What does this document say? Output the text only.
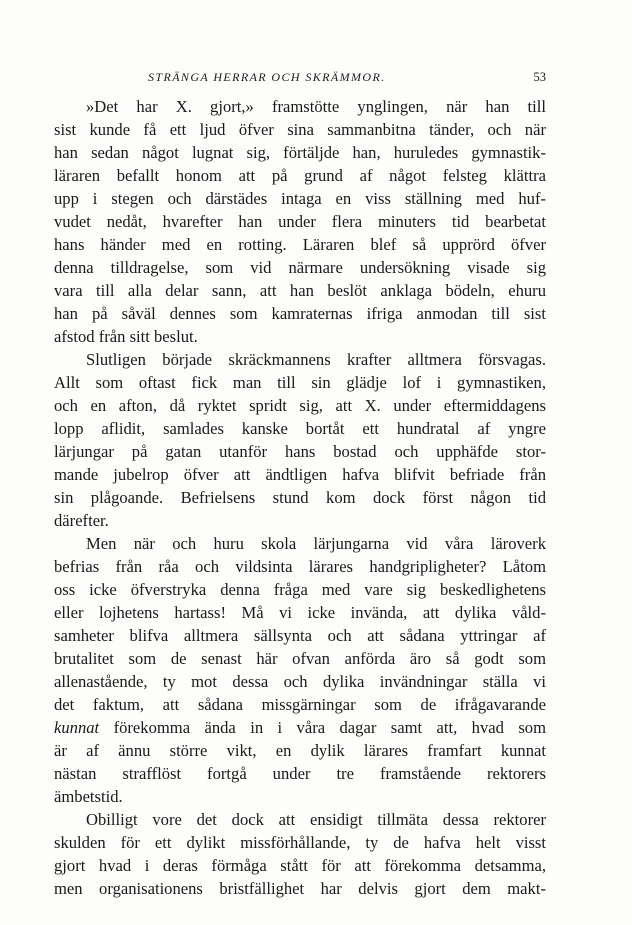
STRÄNGA HERRAR OCH SKRÄMMOR.	53
»Det har X. gjort,» framstötte ynglingen, när han till
sist kunde få ett ljud öfver sina sammanbitna tänder, och när
han sedan något lugnat sig, förtäljde han, huruledes gymnastik-
läraren befallt honom att på grund af något felsteg klättra
upp i stegen och därstädes intaga en viss ställning med huf-
vudet nedåt, hvarefter han under flera minuters tid bearbetat
hans händer med en rotting. Läraren blef så upprörd öfver
denna tilldragelse, som vid närmare undersökning visade sig
vara till alla delar sann, att han beslöt anklaga bödeln, ehuru
han på såväl dennes som kamraternas ifriga anmodan till sist
afstod från sitt beslut.
Slutligen började skräckmannens krafter alltmera försvagas.
Allt som oftast fick man till sin glädje lof i gymnastiken,
och en afton, då ryktet spridt sig, att X. under eftermiddagens
lopp aflidit, samlades kanske bortåt ett hundratal af yngre
lärjungar på gatan utanför hans bostad och upphäfde stor-
mande jubelrop öfver att ändtligen hafva blifvit befriade från
sin plågoande. Befrielsens stund kom dock först någon tid
därefter.
Men när och huru skola lärjungarna vid våra läroverk
befrias från råa och vildsinta lärares handgripligheter? Låtom
oss icke öfverstryka denna fråga med vare sig beskedlighetens
eller lojhetens hartass! Må vi icke invända, att dylika våld-
samheter blifva alltmera sällsynta och att sådana yttringar af
brutalitet som de senast här ofvan anförda äro så godt som
allenastående, ty mot dessa och dylika invändningar ställa vi
det faktum, att sådana missgärningar som de ifrågavarande
kunnat förekomma ända in i våra dagar samt att, hvad som
är af ännu större vikt, en dylik lärares framfart kunnat
nästan strafflöst fortgå under tre framstående rektorers
ämbetstid.
Obilligt vore det dock att ensidigt tillmäta dessa rektorer
skulden för ett dylikt missförhållande, ty de hafva helt visst
gjort hvad i deras förmåga stått för att förekomma detsamma,
men organisationens bristfällighet har delvis gjort dem makt-
